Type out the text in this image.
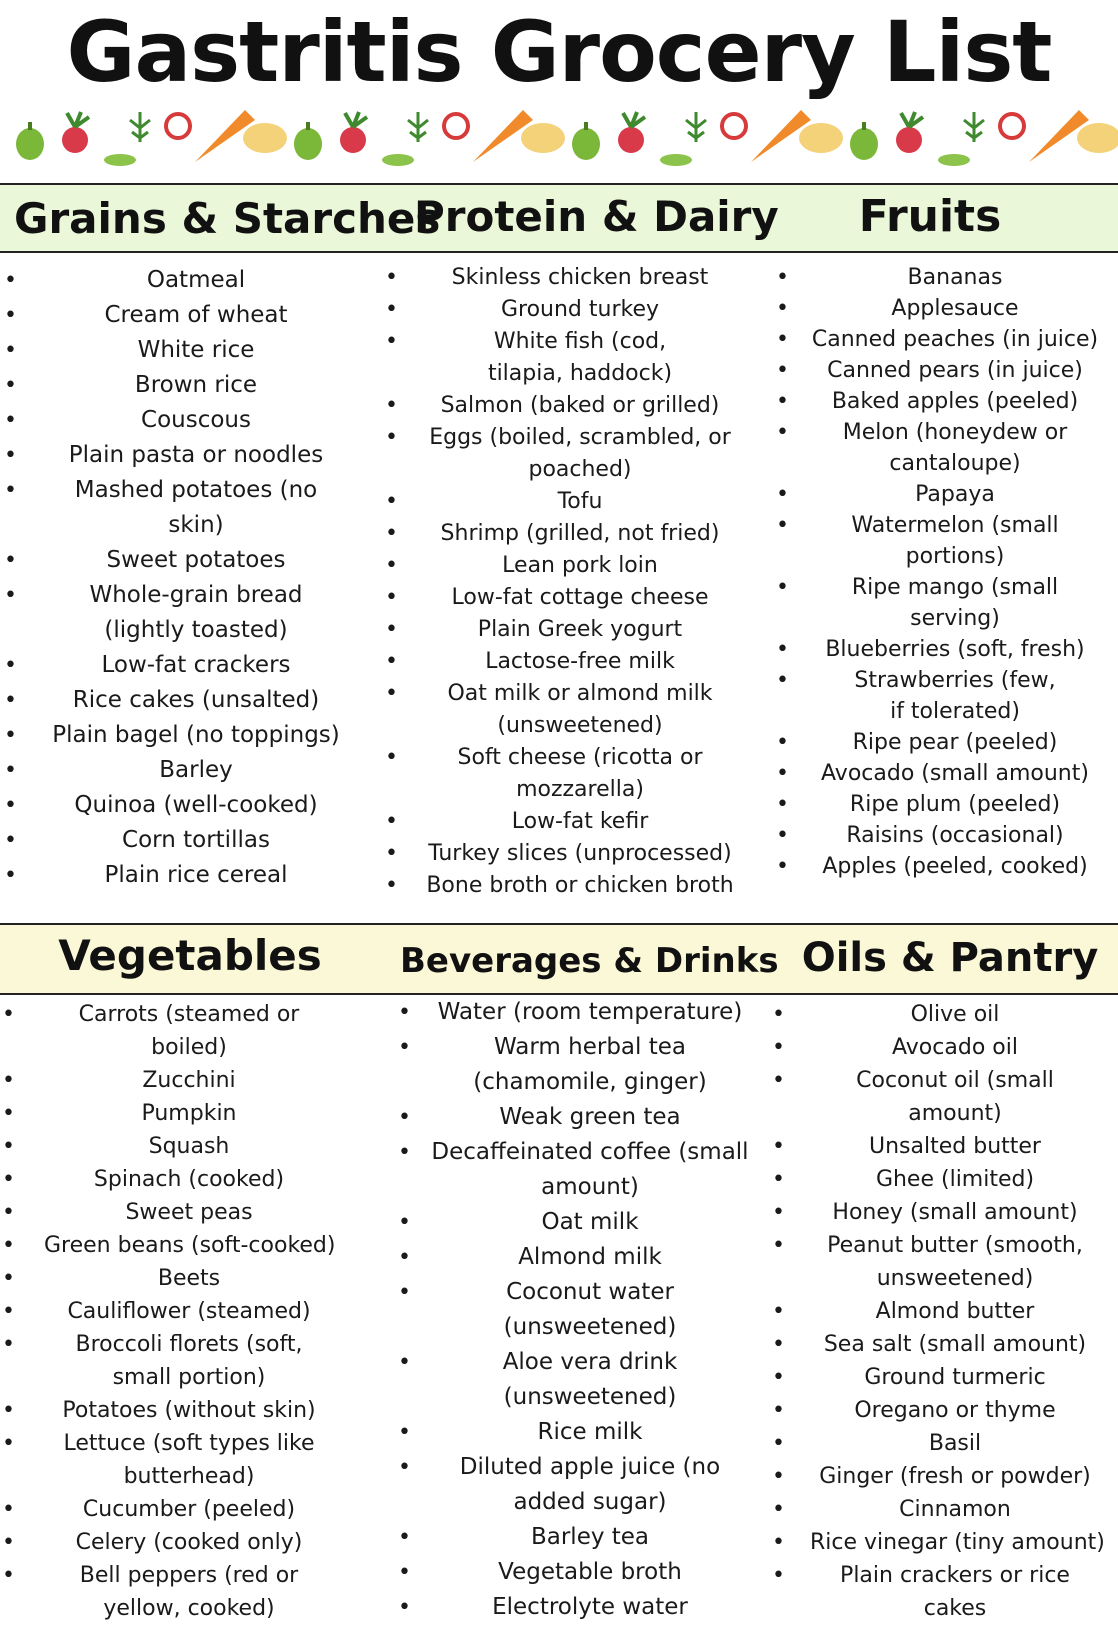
Gastritis Grocery List
Grains & Starches
Protein & Dairy	Fruits
Vegetables	Beverages & Drinks Oils & Pantry
• Oatmeal
• Cream of wheat
• White rice
• Brown rice
• Couscous
• Plain pasta or noodles
• Mashed potatoes (no skin)
• Sweet potatoes
• Whole-grain bread (lightly toasted)
• Low-fat crackers
• Rice cakes (unsalted)
• Plain bagel (no toppings)
• Barley
• Quinoa (well-cooked)
• Corn tortillas
• Plain rice cereal
• Skinless chicken breast
• Ground turkey
• White fish (cod, tilapia, haddock)
• Salmon (baked or grilled)
• Eggs (boiled, scrambled, or poached)
• Tofu
• Shrimp (grilled, not fried)
• Lean pork loin
• Low-fat cottage cheese
• Plain Greek yogurt
• Lactose-free milk
• Oat milk or almond milk (unsweetened)
• Soft cheese (ricotta or mozzarella)
• Low-fat kefir
• Turkey slices (unprocessed)
• Bone broth or chicken broth
• Bananas
• Applesauce
• Canned peaches (in juice)
• Canned pears (in juice)
• Baked apples (peeled)
• Melon (honeydew or cantaloupe)
• Papaya
• Watermelon (small portions)
• Ripe mango (small serving)
• Blueberries (soft, fresh)
• Strawberries (few, if tolerated)
• Ripe pear (peeled)
• Avocado (small amount)
• Ripe plum (peeled)
• Raisins (occasional)
• Apples (peeled, cooked)
• Carrots (steamed or boiled)
• Zucchini
• Pumpkin
• Squash
• Spinach (cooked)
• Sweet peas
• Green beans (soft-cooked)
• Beets
• Cauliflower (steamed)
• Broccoli florets (soft, small portion)
• Potatoes (without skin)
• Lettuce (soft types like butterhead)
• Cucumber (peeled)
• Celery (cooked only)
• Bell peppers (red or yellow, cooked)
• Water (room temperature)
• Warm herbal tea (chamomile, ginger)
• Weak green tea
• Decaffeinated coffee (small amount)
• Oat milk
• Almond milk
• Coconut water (unsweetened)
• Aloe vera drink (unsweetened)
• Rice milk
• Diluted apple juice (no added sugar)
• Barley tea
• Vegetable broth
• Electrolyte water
• Olive oil
• Avocado oil
• Coconut oil (small amount)
• Unsalted butter
• Ghee (limited)
• Honey (small amount)
• Peanut butter (smooth, unsweetened)
• Almond butter
• Sea salt (small amount)
• Ground turmeric
• Oregano or thyme
• Basil
• Ginger (fresh or powder)
• Cinnamon
• Rice vinegar (tiny amount)
• Plain crackers or rice cakes
